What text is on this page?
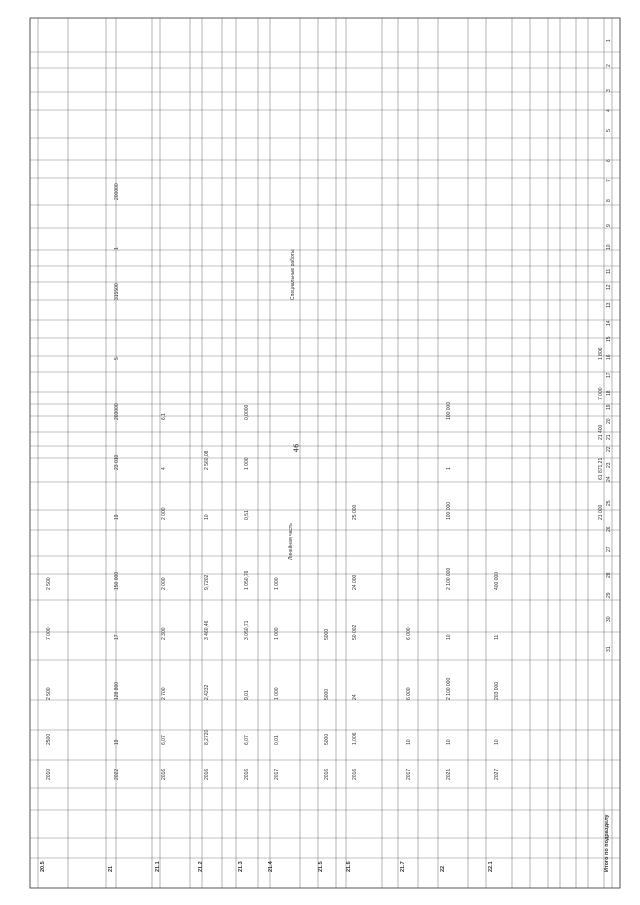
46
1
2
3
4
5
6
7
8
9
10
11
12
13
14
15
16
17
18
19
20
21
22
23
24
25
26
27
28
29
30
31
Специальные работы
Линейная часть
20.5
2010
2500
2 500
7 000
2 500
21
2022
19
128 800
17
150 000
19
23 010
203000
5
315500
1
200000
21.1
2016
6,07
2 700
2 300
2 000
2 000
4
6,1
21.2
2016
8,2720
2,4232
3 460,46
9,7202
10
2 560,08
21.3
2016
6,07
9,01
3 050,71
1 050,76
0,51
1 000
0,0000
21.4
2017
0,01
1 000
1 000
1 000
21.5
2016
5000
5000
5000
21.6
2016
1,006
24
50 002
24 000
25 000
21.7
2017
10
6 000
6 000
22
2021
10
2 100 000
10
2 100 000
100 000
1
100 000
22.1
2027
10
203 000
11
400 000
Итого по подразделу
21 000
61 871,21
21 400
7 000
1 806
